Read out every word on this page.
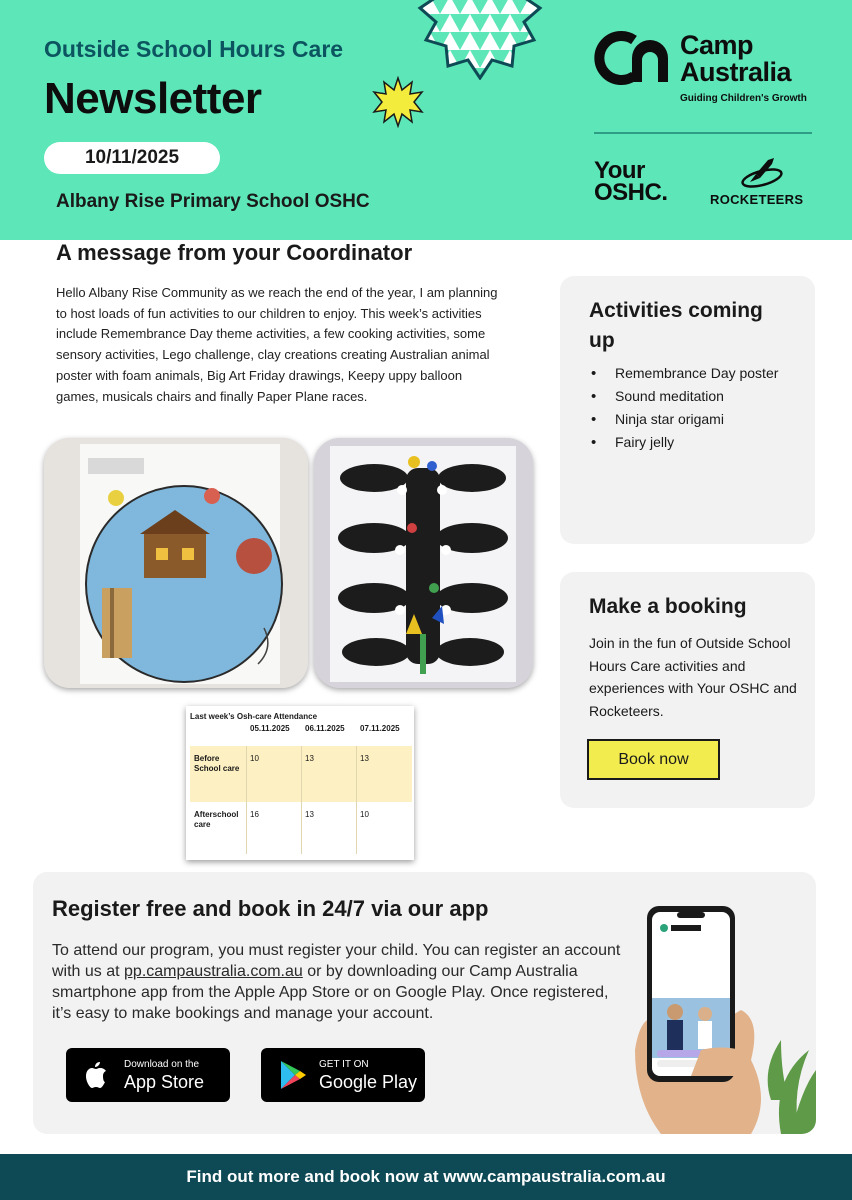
Outside School Hours Care
Newsletter
10/11/2025
Albany Rise Primary School OSHC
Camp Australia
Guiding Children's Growth
Your OSHC.	ROCKETEERS
A message from your Coordinator
Hello Albany Rise Community as we reach the end of the year, I am planning to host loads of fun activities to our children to enjoy. This week’s activities include Remembrance Day theme activities, a few cooking activities, some sensory activities, Lego challenge, clay creations creating Australian animal poster with foam animals, Big Art Friday drawings, Keepy uppy balloon games, musicals chairs and finally Paper Plane races.
Last week’s Osh-care Attendance
05.11.2025 06.11.2025 07.11.2025
Before School care
10	13	13
Afterschool care
16	13	10
Activities coming up
• Remembrance Day poster
• Sound meditation
• Ninja star origami
• Fairy jelly
Make a booking
Join in the fun of Outside School Hours Care activities and experiences with Your OSHC and Rocketeers.
Book now
Register free and book in 24/7 via our app
To attend our program, you must register your child. You can register an account with us at pp.campaustralia.com.au or by downloading our Camp Australia smartphone app from the Apple App Store or on Google Play. Once registered, it’s easy to make bookings and manage your account.
Download on the
App Store
GET IT ON
Google Play
Find out more and book now at www.campaustralia.com.au
